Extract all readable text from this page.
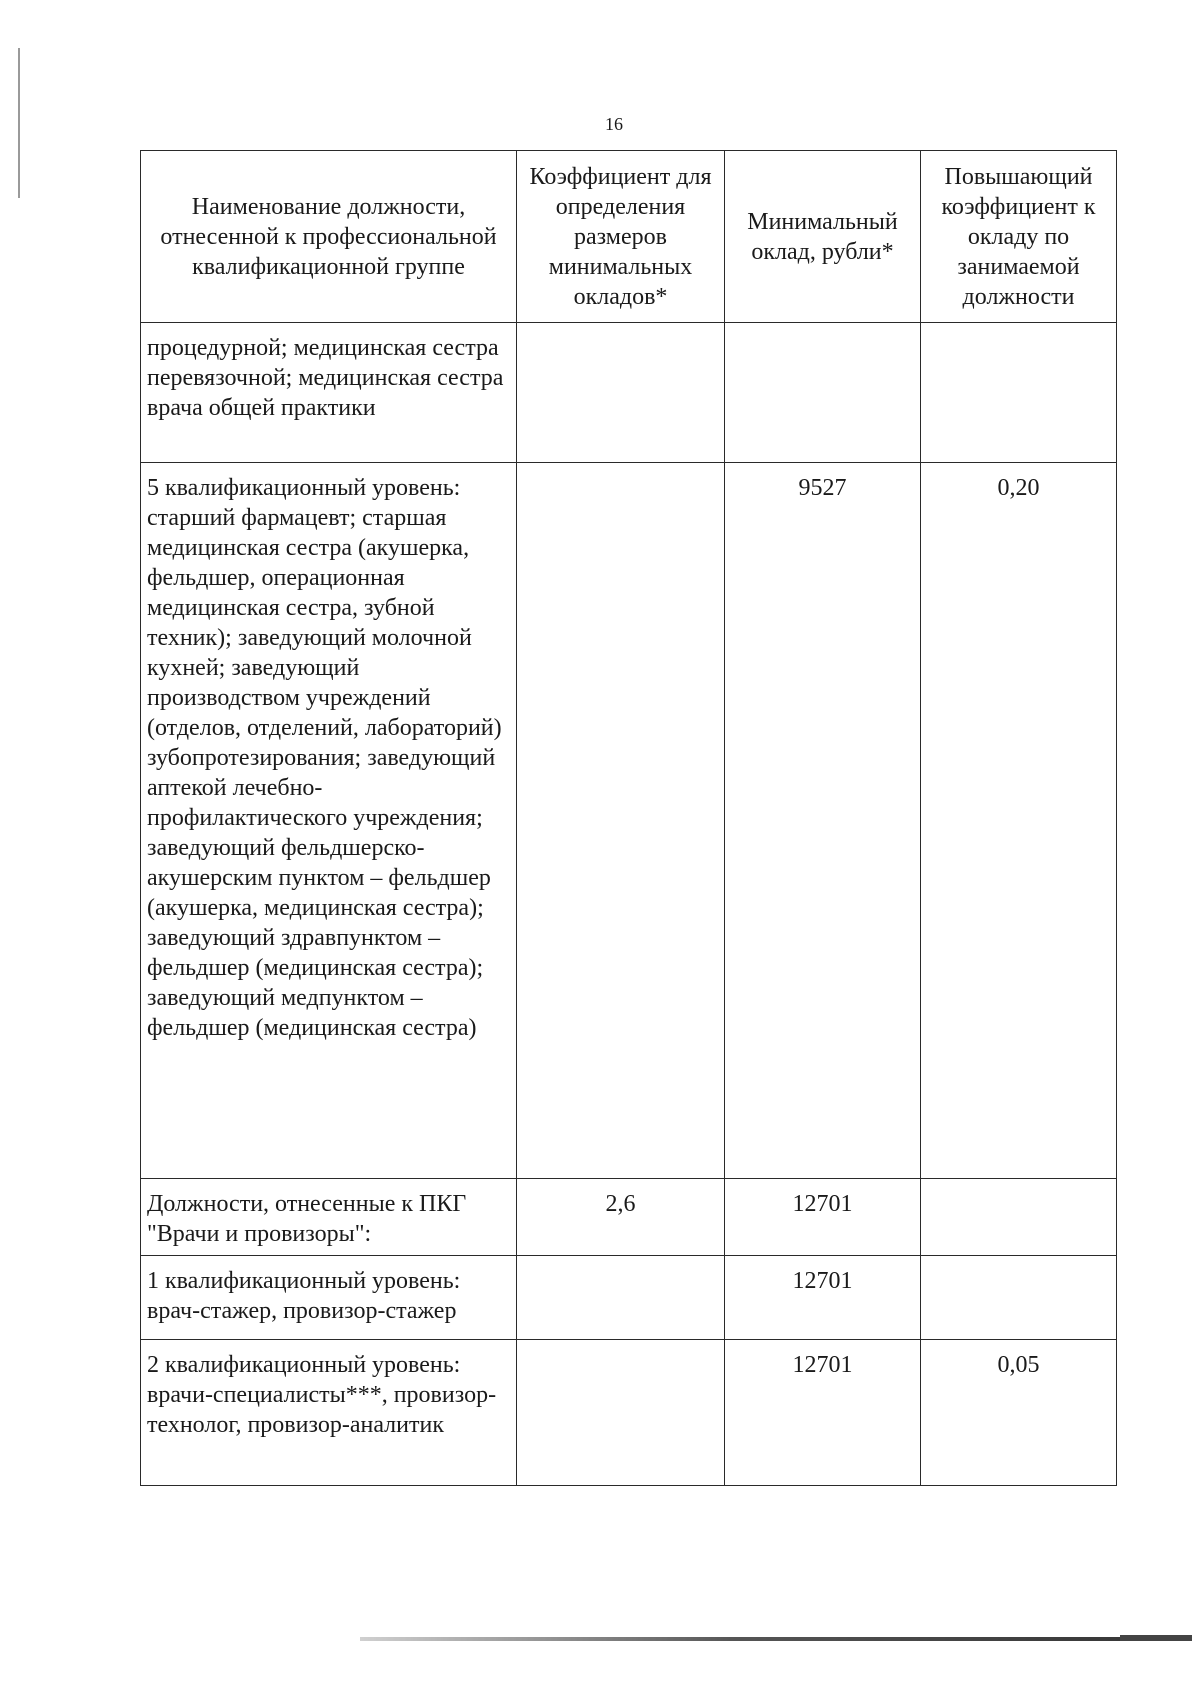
16
Наименование должности, отнесенной к профессиональной квалификационной группе	Коэффициент для определения размеров минимальных окладов*	Минимальный оклад, рубли*	Повышающий коэффициент к окладу по занимаемой должности
процедурной; медицинская сестра перевязочной; медицинская сестра врача общей практики			
5 квалификационный уровень: старший фармацевт; старшая медицинская сестра (акушерка, фельдшер, операционная медицинская сестра, зубной техник); заведующий молочной кухней; заведующий производством учреждений (отделов, отделений, лабораторий) зубопротезирования; заведующий аптекой лечебно-профилактического учреждения; заведующий фельдшерско-акушерским пунктом – фельдшер (акушерка, медицинская сестра); заведующий здравпунктом – фельдшер (медицинская сестра); заведующий медпунктом – фельдшер (медицинская сестра)		9527	0,20
Должности, отнесенные к ПКГ "Врачи и провизоры":	2,6	12701	
1 квалификационный уровень: врач-стажер, провизор-стажер		12701	
2 квалификационный уровень: врачи-специалисты***, провизор-технолог, провизор-аналитик		12701	0,05
